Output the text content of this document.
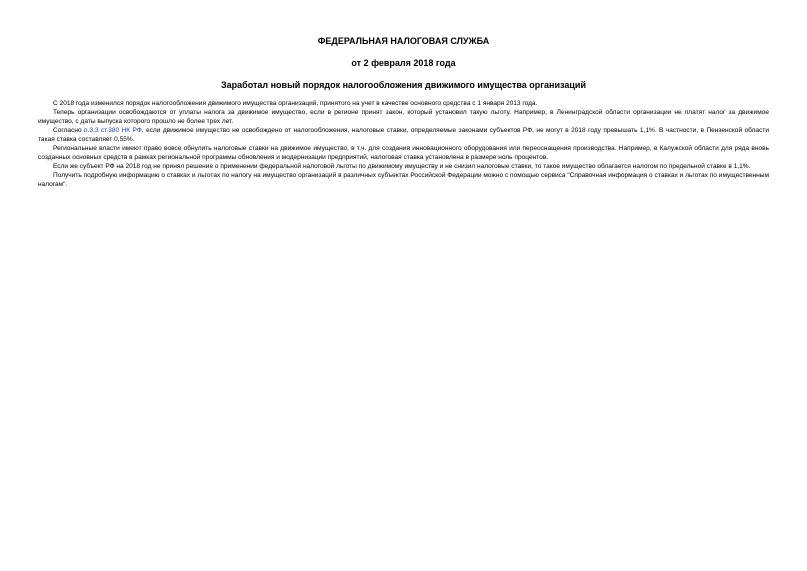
ФЕДЕРАЛЬНАЯ НАЛОГОВАЯ СЛУЖБА

от 2 февраля 2018 года

Заработал новый порядок налогообложения движимого имущества организаций

С 2018 года изменился порядок налогообложения движимого имущества организаций, принятого на учет в качестве основного средства с 1 января 2013 года.

Теперь организации освобождаются от уплаты налога за движимое имущество, если в регионе принят закон, который установил такую льготу. Например, в Ленинградской области организации не платят налог за движимое имущество, с даты выпуска которого прошло не более трех лет.

Согласно п.3.3 ст.380 НК РФ, если движимое имущество не освобождено от налогообложения, налоговые ставки, определяемые законами субъектов РФ, не могут в 2018 году превышать 1,1%. В частности, в Пензенской области такая ставка составляет 0,55%.

Региональные власти имеют право вовсе обнулить налоговые ставки на движимое имущество, в т.ч. для создания инновационного оборудования или переоснащения производства. Например, в Калужской области для ряда вновь созданных основных средств в рамках региональной программы обновления и модернизации предприятий, налоговая ставка установлена в размере ноль процентов.

Если же субъект РФ на 2018 год не принял решение о применении федеральной налоговой льготы по движимому имуществу и не снизил налоговые ставки, то такое имущество облагается налогом по предельной ставке в 1,1%.

Получить подробную информацию о ставках и льготах по налогу на имущество организаций в различных субъектах Российской Федерации можно с помощью сервиса "Справочная информация о ставках и льготах по имущественным налогам".
